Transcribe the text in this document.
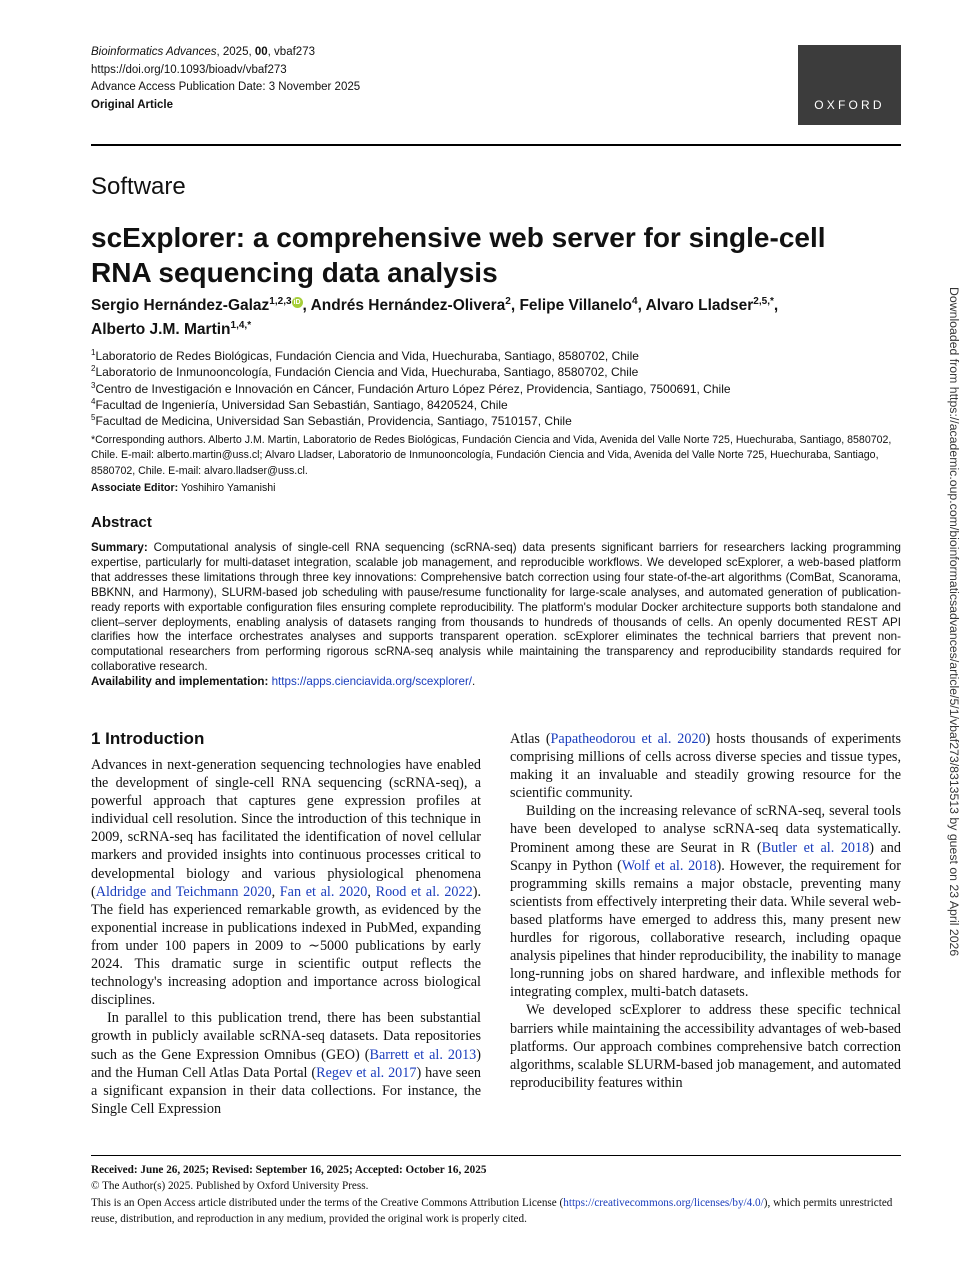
Bioinformatics Advances, 2025, 00, vbaf273
https://doi.org/10.1093/bioadv/vbaf273
Advance Access Publication Date: 3 November 2025
Original Article	OXFORD
Software
scExplorer: a comprehensive web server for single-cell RNA sequencing data analysis
Sergio Hernández-Galaz$^{1,2,3}$ iD , Andrés Hernández-Olivera$^2$, Felipe Villanelo$^4$, Alvaro Lladser$^{2,5,*}$,
Alberto J.M. Martin$^{1,4,*}$
$^1$Laboratorio de Redes Biológicas, Fundación Ciencia and Vida, Huechuraba, Santiago, 8580702, Chile
$^2$Laboratorio de Inmunooncología, Fundación Ciencia and Vida, Huechuraba, Santiago, 8580702, Chile
$^3$Centro de Investigación e Innovación en Cáncer, Fundación Arturo López Pérez, Providencia, Santiago, 7500691, Chile
$^4$Facultad de Ingeniería, Universidad San Sebastián, Santiago, 8420524, Chile
$^5$Facultad de Medicina, Universidad San Sebastián, Providencia, Santiago, 7510157, Chile
*Corresponding authors. Alberto J.M. Martin, Laboratorio de Redes Biológicas, Fundación Ciencia and Vida, Avenida del Valle Norte 725, Huechuraba, Santiago, 8580702, Chile. E-mail: alberto.martin@uss.cl; Alvaro Lladser, Laboratorio de Inmunooncología, Fundación Ciencia and Vida, Avenida del Valle Norte 725, Huechuraba, Santiago, 8580702, Chile. E-mail: alvaro.lladser@uss.cl.
Associate Editor: Yoshihiro Yamanishi
Abstract
Summary: Computational analysis of single-cell RNA sequencing (scRNA-seq) data presents significant barriers for researchers lacking programming expertise, particularly for multi-dataset integration, scalable job management, and reproducible workflows. We developed scExplorer, a web-based platform that addresses these limitations through three key innovations: Comprehensive batch correction using four state-of-the-art algorithms (ComBat, Scanorama, BBKNN, and Harmony), SLURM-based job scheduling with pause/resume functionality for large-scale analyses, and automated generation of publication-ready reports with exportable configuration files ensuring complete reproducibility. The platform's modular Docker architecture supports both standalone and client–server deployments, enabling analysis of datasets ranging from thousands to hundreds of thousands of cells. An openly documented REST API clarifies how the interface orchestrates analyses and supports transparent operation. scExplorer eliminates the technical barriers that prevent non-computational researchers from performing rigorous scRNA-seq analysis while maintaining the transparency and reproducibility standards required for collaborative research.
Availability and implementation: https://apps.cienciavida.org/scexplorer/.
1 Introduction

Advances in next-generation sequencing technologies have enabled the development of single-cell RNA sequencing (scRNA-seq), a powerful approach that captures gene expression profiles at individual cell resolution. Since the introduction of this technique in 2009, scRNA-seq has facilitated the identification of novel cellular markers and provided insights into continuous processes critical to developmental biology and various physiological phenomena (Aldridge and Teichmann 2020, Fan et al. 2020, Rood et al. 2022). The field has experienced remarkable growth, as evidenced by the exponential increase in publications indexed in PubMed, expanding from under 100 papers in 2009 to ∼5000 publications by early 2024. This dramatic surge in scientific output reflects the technology's increasing adoption and importance across biological disciplines.

In parallel to this publication trend, there has been substantial growth in publicly available scRNA-seq datasets. Data repositories such as the Gene Expression Omnibus (GEO) (Barrett et al. 2013) and the Human Cell Atlas Data Portal (Regev et al. 2017) have seen a significant expansion in their data collections. For instance, the Single Cell Expression

Atlas (Papatheodorou et al. 2020) hosts thousands of experiments comprising millions of cells across diverse species and tissue types, making it an invaluable and steadily growing resource for the scientific community.

Building on the increasing relevance of scRNA-seq, several tools have been developed to analyse scRNA-seq data systematically. Prominent among these are Seurat in R (Butler et al. 2018) and Scanpy in Python (Wolf et al. 2018). However, the requirement for programming skills remains a major obstacle, preventing many scientists from effectively interpreting their data. While several web-based platforms have emerged to address this, many present new hurdles for rigorous, collaborative research, including opaque analysis pipelines that hinder reproducibility, the inability to manage long-running jobs on shared hardware, and inflexible methods for integrating complex, multi-batch datasets.

We developed scExplorer to address these specific technical barriers while maintaining the accessibility advantages of web-based platforms. Our approach combines comprehensive batch correction algorithms, scalable SLURM-based job management, and automated reproducibility features within

Received: June 26, 2025; Revised: September 16, 2025; Accepted: October 16, 2025
© The Author(s) 2025. Published by Oxford University Press.
This is an Open Access article distributed under the terms of the Creative Commons Attribution License (https://creativecommons.org/licenses/by/4.0/), which permits unrestricted reuse, distribution, and reproduction in any medium, provided the original work is properly cited.
Downloaded from https://academic.oup.com/bioinformaticsadvances/article/5/1/vbaf273/8313513 by guest on 23 April 2026
